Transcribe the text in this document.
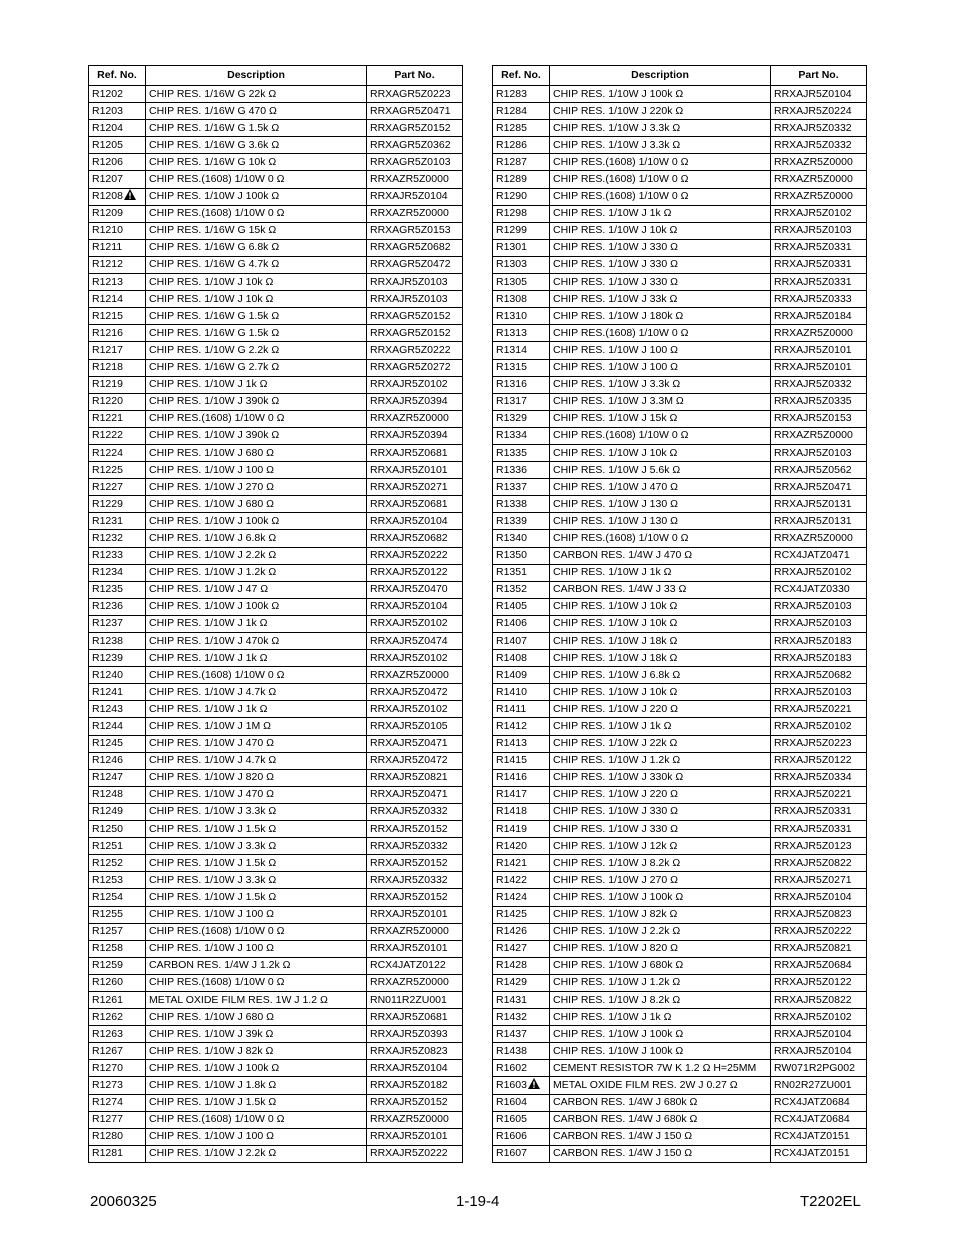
Ref. No.	Description	Part No.
R1202	CHIP RES. 1/16W G 22k Ω	RRXAGR5Z0223
R1203	CHIP RES. 1/16W G 470 Ω	RRXAGR5Z0471
R1204	CHIP RES. 1/16W G 1.5k Ω	RRXAGR5Z0152
R1205	CHIP RES. 1/16W G 3.6k Ω	RRXAGR5Z0362
R1206	CHIP RES. 1/16W G 10k Ω	RRXAGR5Z0103
R1207	CHIP RES.(1608) 1/10W 0 Ω	RRXAZR5Z0000
R1208	CHIP RES. 1/10W J 100k Ω	RRXAJR5Z0104
R1209	CHIP RES.(1608) 1/10W 0 Ω	RRXAZR5Z0000
R1210	CHIP RES. 1/16W G 15k Ω	RRXAGR5Z0153
R1211	CHIP RES. 1/16W G 6.8k Ω	RRXAGR5Z0682
R1212	CHIP RES. 1/16W G 4.7k Ω	RRXAGR5Z0472
R1213	CHIP RES. 1/10W J 10k Ω	RRXAJR5Z0103
R1214	CHIP RES. 1/10W J 10k Ω	RRXAJR5Z0103
R1215	CHIP RES. 1/16W G 1.5k Ω	RRXAGR5Z0152
R1216	CHIP RES. 1/16W G 1.5k Ω	RRXAGR5Z0152
R1217	CHIP RES. 1/10W G 2.2k Ω	RRXAGR5Z0222
R1218	CHIP RES. 1/16W G 2.7k Ω	RRXAGR5Z0272
R1219	CHIP RES. 1/10W J 1k Ω	RRXAJR5Z0102
R1220	CHIP RES. 1/10W J 390k Ω	RRXAJR5Z0394
R1221	CHIP RES.(1608) 1/10W 0 Ω	RRXAZR5Z0000
R1222	CHIP RES. 1/10W J 390k Ω	RRXAJR5Z0394
R1224	CHIP RES. 1/10W J 680 Ω	RRXAJR5Z0681
R1225	CHIP RES. 1/10W J 100 Ω	RRXAJR5Z0101
R1227	CHIP RES. 1/10W J 270 Ω	RRXAJR5Z0271
R1229	CHIP RES. 1/10W J 680 Ω	RRXAJR5Z0681
R1231	CHIP RES. 1/10W J 100k Ω	RRXAJR5Z0104
R1232	CHIP RES. 1/10W J 6.8k Ω	RRXAJR5Z0682
R1233	CHIP RES. 1/10W J 2.2k Ω	RRXAJR5Z0222
R1234	CHIP RES. 1/10W J 1.2k Ω	RRXAJR5Z0122
R1235	CHIP RES. 1/10W J 47 Ω	RRXAJR5Z0470
R1236	CHIP RES. 1/10W J 100k Ω	RRXAJR5Z0104
R1237	CHIP RES. 1/10W J 1k Ω	RRXAJR5Z0102
R1238	CHIP RES. 1/10W J 470k Ω	RRXAJR5Z0474
R1239	CHIP RES. 1/10W J 1k Ω	RRXAJR5Z0102
R1240	CHIP RES.(1608) 1/10W 0 Ω	RRXAZR5Z0000
R1241	CHIP RES. 1/10W J 4.7k Ω	RRXAJR5Z0472
R1243	CHIP RES. 1/10W J 1k Ω	RRXAJR5Z0102
R1244	CHIP RES. 1/10W J 1M Ω	RRXAJR5Z0105
R1245	CHIP RES. 1/10W J 470 Ω	RRXAJR5Z0471
R1246	CHIP RES. 1/10W J 4.7k Ω	RRXAJR5Z0472
R1247	CHIP RES. 1/10W J 820 Ω	RRXAJR5Z0821
R1248	CHIP RES. 1/10W J 470 Ω	RRXAJR5Z0471
R1249	CHIP RES. 1/10W J 3.3k Ω	RRXAJR5Z0332
R1250	CHIP RES. 1/10W J 1.5k Ω	RRXAJR5Z0152
R1251	CHIP RES. 1/10W J 3.3k Ω	RRXAJR5Z0332
R1252	CHIP RES. 1/10W J 1.5k Ω	RRXAJR5Z0152
R1253	CHIP RES. 1/10W J 3.3k Ω	RRXAJR5Z0332
R1254	CHIP RES. 1/10W J 1.5k Ω	RRXAJR5Z0152
R1255	CHIP RES. 1/10W J 100 Ω	RRXAJR5Z0101
R1257	CHIP RES.(1608) 1/10W 0 Ω	RRXAZR5Z0000
R1258	CHIP RES. 1/10W J 100 Ω	RRXAJR5Z0101
R1259	CARBON RES. 1/4W J 1.2k Ω	RCX4JATZ0122
R1260	CHIP RES.(1608) 1/10W 0 Ω	RRXAZR5Z0000
R1261	METAL OXIDE FILM RES. 1W J 1.2 Ω	RN011R2ZU001
R1262	CHIP RES. 1/10W J 680 Ω	RRXAJR5Z0681
R1263	CHIP RES. 1/10W J 39k Ω	RRXAJR5Z0393
R1267	CHIP RES. 1/10W J 82k Ω	RRXAJR5Z0823
R1270	CHIP RES. 1/10W J 100k Ω	RRXAJR5Z0104
R1273	CHIP RES. 1/10W J 1.8k Ω	RRXAJR5Z0182
R1274	CHIP RES. 1/10W J 1.5k Ω	RRXAJR5Z0152
R1277	CHIP RES.(1608) 1/10W 0 Ω	RRXAZR5Z0000
R1280	CHIP RES. 1/10W J 100 Ω	RRXAJR5Z0101
R1281	CHIP RES. 1/10W J 2.2k Ω	RRXAJR5Z0222
Ref. No.	Description	Part No.
R1283	CHIP RES. 1/10W J 100k Ω	RRXAJR5Z0104
R1284	CHIP RES. 1/10W J 220k Ω	RRXAJR5Z0224
R1285	CHIP RES. 1/10W J 3.3k Ω	RRXAJR5Z0332
R1286	CHIP RES. 1/10W J 3.3k Ω	RRXAJR5Z0332
R1287	CHIP RES.(1608) 1/10W 0 Ω	RRXAZR5Z0000
R1289	CHIP RES.(1608) 1/10W 0 Ω	RRXAZR5Z0000
R1290	CHIP RES.(1608) 1/10W 0 Ω	RRXAZR5Z0000
R1298	CHIP RES. 1/10W J 1k Ω	RRXAJR5Z0102
R1299	CHIP RES. 1/10W J 10k Ω	RRXAJR5Z0103
R1301	CHIP RES. 1/10W J 330 Ω	RRXAJR5Z0331
R1303	CHIP RES. 1/10W J 330 Ω	RRXAJR5Z0331
R1305	CHIP RES. 1/10W J 330 Ω	RRXAJR5Z0331
R1308	CHIP RES. 1/10W J 33k Ω	RRXAJR5Z0333
R1310	CHIP RES. 1/10W J 180k Ω	RRXAJR5Z0184
R1313	CHIP RES.(1608) 1/10W 0 Ω	RRXAZR5Z0000
R1314	CHIP RES. 1/10W J 100 Ω	RRXAJR5Z0101
R1315	CHIP RES. 1/10W J 100 Ω	RRXAJR5Z0101
R1316	CHIP RES. 1/10W J 3.3k Ω	RRXAJR5Z0332
R1317	CHIP RES. 1/10W J 3.3M Ω	RRXAJR5Z0335
R1329	CHIP RES. 1/10W J 15k Ω	RRXAJR5Z0153
R1334	CHIP RES.(1608) 1/10W 0 Ω	RRXAZR5Z0000
R1335	CHIP RES. 1/10W J 10k Ω	RRXAJR5Z0103
R1336	CHIP RES. 1/10W J 5.6k Ω	RRXAJR5Z0562
R1337	CHIP RES. 1/10W J 470 Ω	RRXAJR5Z0471
R1338	CHIP RES. 1/10W J 130 Ω	RRXAJR5Z0131
R1339	CHIP RES. 1/10W J 130 Ω	RRXAJR5Z0131
R1340	CHIP RES.(1608) 1/10W 0 Ω	RRXAZR5Z0000
R1350	CARBON RES. 1/4W J 470 Ω	RCX4JATZ0471
R1351	CHIP RES. 1/10W J 1k Ω	RRXAJR5Z0102
R1352	CARBON RES. 1/4W J 33 Ω	RCX4JATZ0330
R1405	CHIP RES. 1/10W J 10k Ω	RRXAJR5Z0103
R1406	CHIP RES. 1/10W J 10k Ω	RRXAJR5Z0103
R1407	CHIP RES. 1/10W J 18k Ω	RRXAJR5Z0183
R1408	CHIP RES. 1/10W J 18k Ω	RRXAJR5Z0183
R1409	CHIP RES. 1/10W J 6.8k Ω	RRXAJR5Z0682
R1410	CHIP RES. 1/10W J 10k Ω	RRXAJR5Z0103
R1411	CHIP RES. 1/10W J 220 Ω	RRXAJR5Z0221
R1412	CHIP RES. 1/10W J 1k Ω	RRXAJR5Z0102
R1413	CHIP RES. 1/10W J 22k Ω	RRXAJR5Z0223
R1415	CHIP RES. 1/10W J 1.2k Ω	RRXAJR5Z0122
R1416	CHIP RES. 1/10W J 330k Ω	RRXAJR5Z0334
R1417	CHIP RES. 1/10W J 220 Ω	RRXAJR5Z0221
R1418	CHIP RES. 1/10W J 330 Ω	RRXAJR5Z0331
R1419	CHIP RES. 1/10W J 330 Ω	RRXAJR5Z0331
R1420	CHIP RES. 1/10W J 12k Ω	RRXAJR5Z0123
R1421	CHIP RES. 1/10W J 8.2k Ω	RRXAJR5Z0822
R1422	CHIP RES. 1/10W J 270 Ω	RRXAJR5Z0271
R1424	CHIP RES. 1/10W J 100k Ω	RRXAJR5Z0104
R1425	CHIP RES. 1/10W J 82k Ω	RRXAJR5Z0823
R1426	CHIP RES. 1/10W J 2.2k Ω	RRXAJR5Z0222
R1427	CHIP RES. 1/10W J 820 Ω	RRXAJR5Z0821
R1428	CHIP RES. 1/10W J 680k Ω	RRXAJR5Z0684
R1429	CHIP RES. 1/10W J 1.2k Ω	RRXAJR5Z0122
R1431	CHIP RES. 1/10W J 8.2k Ω	RRXAJR5Z0822
R1432	CHIP RES. 1/10W J 1k Ω	RRXAJR5Z0102
R1437	CHIP RES. 1/10W J 100k Ω	RRXAJR5Z0104
R1438	CHIP RES. 1/10W J 100k Ω	RRXAJR5Z0104
R1602	CEMENT RESISTOR 7W K 1.2 Ω H=25MM	RW071R2PG002
R1603	METAL OXIDE FILM RES. 2W J 0.27 Ω	RN02R27ZU001
R1604	CARBON RES. 1/4W J 680k Ω	RCX4JATZ0684
R1605	CARBON RES. 1/4W J 680k Ω	RCX4JATZ0684
R1606	CARBON RES. 1/4W J 150 Ω	RCX4JATZ0151
R1607	CARBON RES. 1/4W J 150 Ω	RCX4JATZ0151
20060325	1-19-4	T2202EL
